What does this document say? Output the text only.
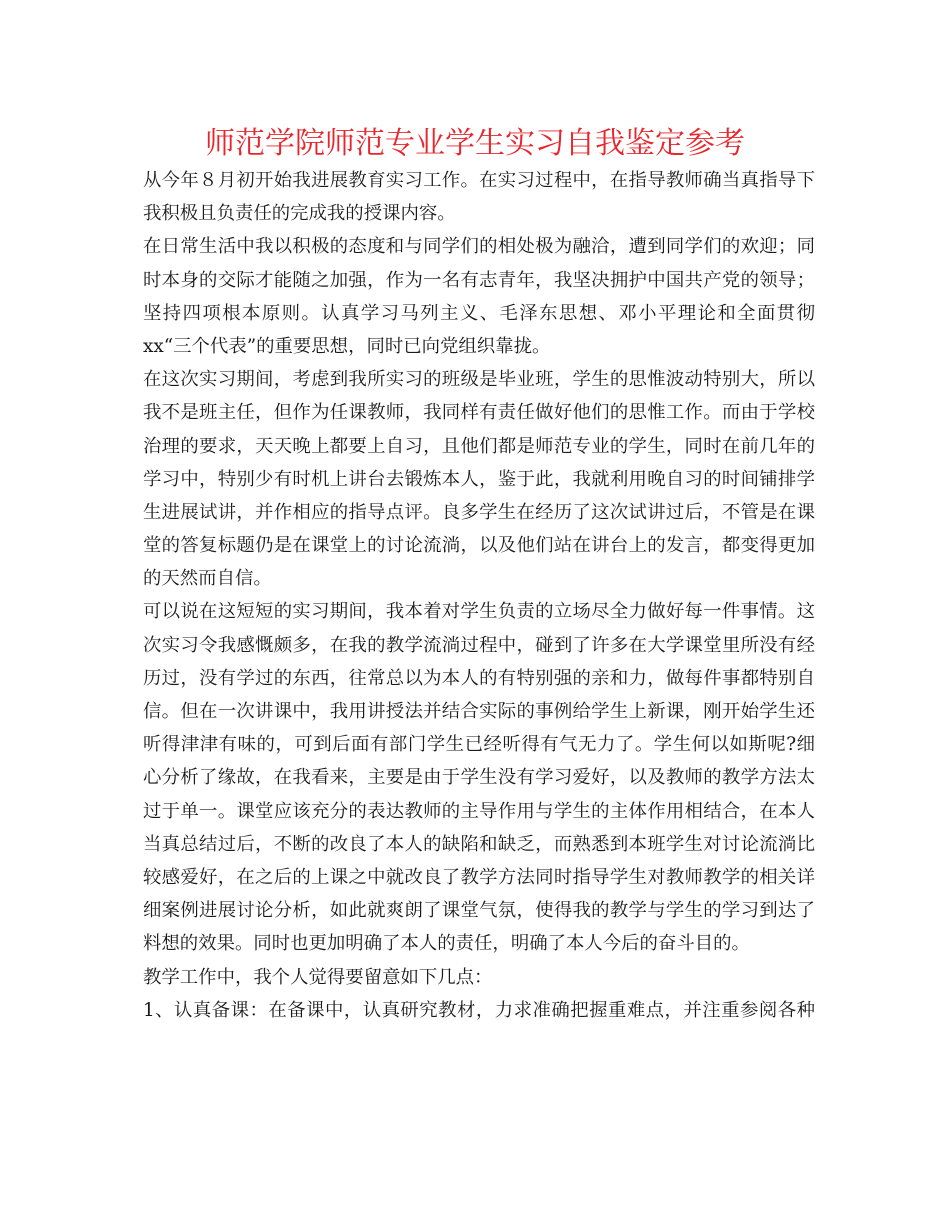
师范学院师范专业学生实习自我鉴定参考
从今年８月初开始我进展教育实习工作。在实习过程中，在指导教师确当真指导下
我积极且负责任的完成我的授课内容。
在日常生活中我以积极的态度和与同学们的相处极为融洽，遭到同学们的欢迎；同
时本身的交际才能随之加强，作为一名有志青年，我坚决拥护中国共产党的领导；
坚持四项根本原则。认真学习马列主义、毛泽东思想、邓小平理论和全面贯彻
xx“三个代表”的重要思想，同时已向党组织靠拢。
在这次实习期间，考虑到我所实习的班级是毕业班，学生的思惟波动特别大，所以
我不是班主任，但作为任课教师，我同样有责任做好他们的思惟工作。而由于学校
治理的要求，天天晚上都要上自习，且他们都是师范专业的学生，同时在前几年的
学习中，特别少有时机上讲台去锻炼本人，鉴于此，我就利用晚自习的时间铺排学
生进展试讲，并作相应的指导点评。良多学生在经历了这次试讲过后，不管是在课
堂的答复标题仍是在课堂上的讨论流淌，以及他们站在讲台上的发言，都变得更加
的天然而自信。
可以说在这短短的实习期间，我本着对学生负责的立场尽全力做好每一件事情。这
次实习令我感慨颇多，在我的教学流淌过程中，碰到了许多在大学课堂里所没有经
历过，没有学过的东西，往常总以为本人的有特别强的亲和力，做每件事都特别自
信。但在一次讲课中，我用讲授法并结合实际的事例给学生上新课，刚开始学生还
听得津津有味的，可到后面有部门学生已经听得有气无力了。学生何以如斯呢?细
心分析了缘故，在我看来，主要是由于学生没有学习爱好，以及教师的教学方法太
过于单一。课堂应该充分的表达教师的主导作用与学生的主体作用相结合，在本人
当真总结过后，不断的改良了本人的缺陷和缺乏，而熟悉到本班学生对讨论流淌比
较感爱好，在之后的上课之中就改良了教学方法同时指导学生对教师教学的相关详
细案例进展讨论分析，如此就爽朗了课堂气氛，使得我的教学与学生的学习到达了
料想的效果。同时也更加明确了本人的责任，明确了本人今后的奋斗目的。
教学工作中，我个人觉得要留意如下几点：
1、认真备课：在备课中，认真研究教材，力求准确把握重难点，并注重参阅各种
